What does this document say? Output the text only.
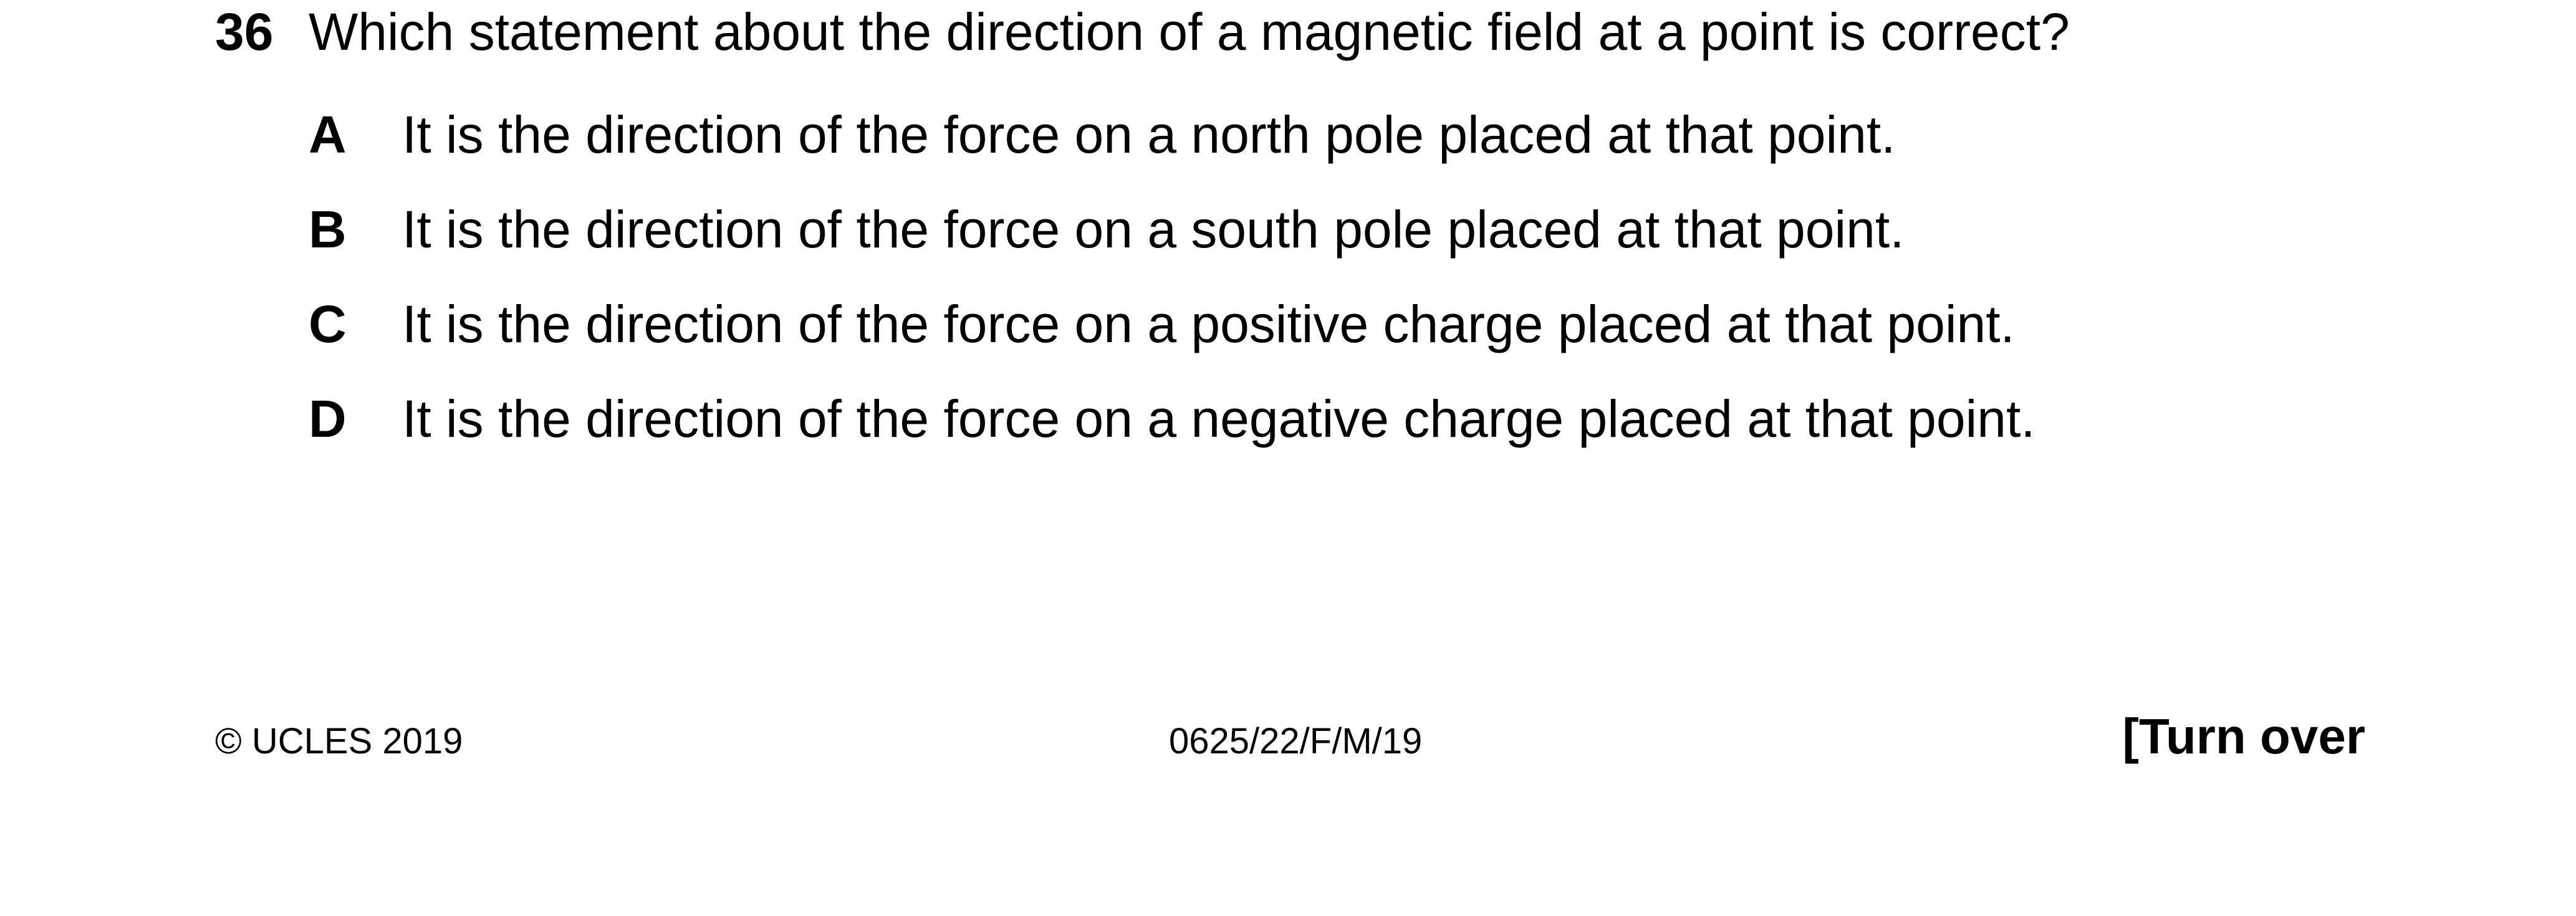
36 Which statement about the direction of a magnetic field at a point is correct?
A It is the direction of the force on a north pole placed at that point.
B It is the direction of the force on a south pole placed at that point.
C It is the direction of the force on a positive charge placed at that point.
D It is the direction of the force on a negative charge placed at that point.
© UCLES 2019	0625/22/F/M/19	[Turn over
